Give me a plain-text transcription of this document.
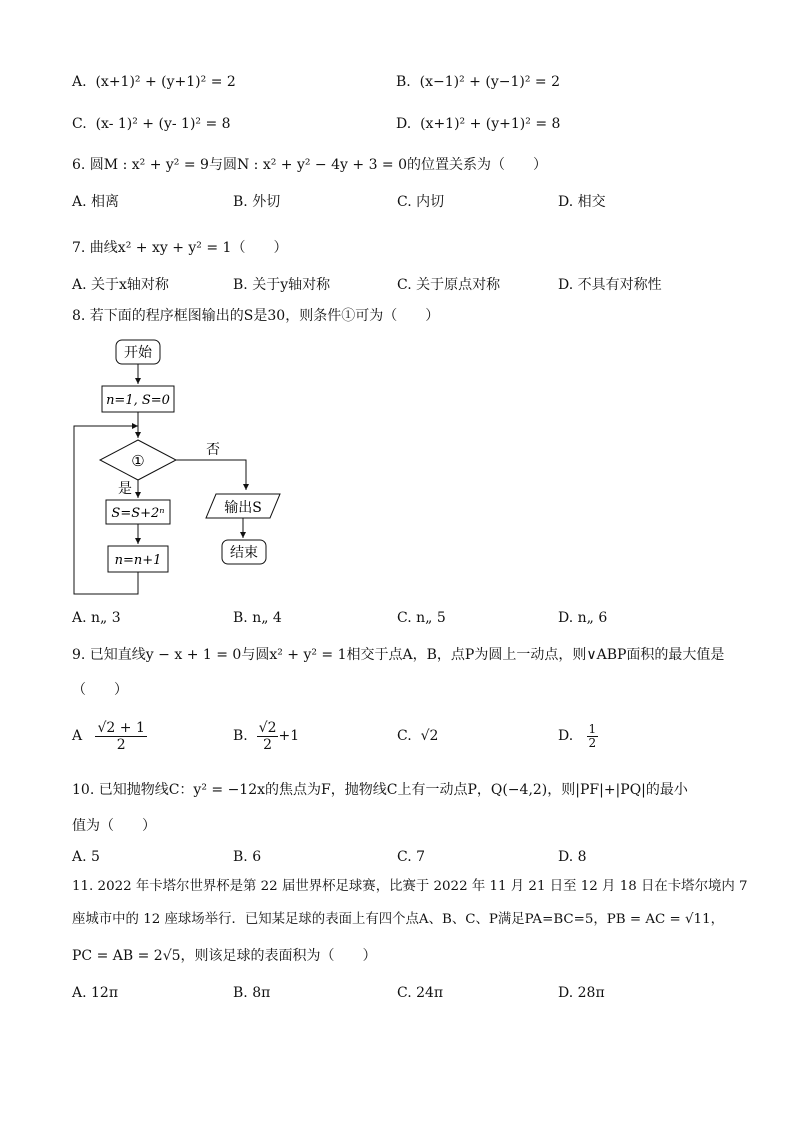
A. (x+1)² + (y+1)² = 2	B. (x−1)² + (y−1)² = 2
C. (x- 1)² + (y- 1)² = 8	D. (x+1)² + (y+1)² = 8
6. 圆M : x² + y² = 9与圆N : x² + y² − 4y + 3 = 0的位置关系为（　　）
A. 相离	B. 外切	C. 内切	D. 相交
7. 曲线x² + xy + y² = 1（　　）
A. 关于x轴对称	B. 关于y轴对称	C. 关于原点对称	D. 不具有对称性
8. 若下面的程序框图输出的S是30，则条件①可为（　　）
开始
n=1, S=0
①
否
输出S
结束
是
S=S+2ⁿ
n=n+1
A. n„ 3	B. n„ 4	C. n„ 5	D. n„ 6
9. 已知直线y − x + 1 = 0与圆x² + y² = 1相交于点A，B，点P为圆上一动点，则∨ABP面积的最大值是
（　　）
A $\frac{√2 + 1}{2}$	B. $\frac{√2}{2} +1$	C. √2	D. $\frac{1}{2}$
10. 已知抛物线C：y² = −12x的焦点为F，抛物线C上有一动点P，Q(−4,2)，则|PF|+|PQ|的最小
值为（　　）
A. 5	B. 6	C. 7	D. 8
11. 2022 年卡塔尔世界杯是第 22 届世界杯足球赛，比赛于 2022 年 11 月 21 日至 12 月 18 日在卡塔尔境内 7
座城市中的 12 座球场举行．已知某足球的表面上有四个点A、B、C、P满足PA=BC=5，PB = AC = √11，
PC = AB = 2√5，则该足球的表面积为（　　）
A. 12π	B. 8π	C. 24π	D. 28π
